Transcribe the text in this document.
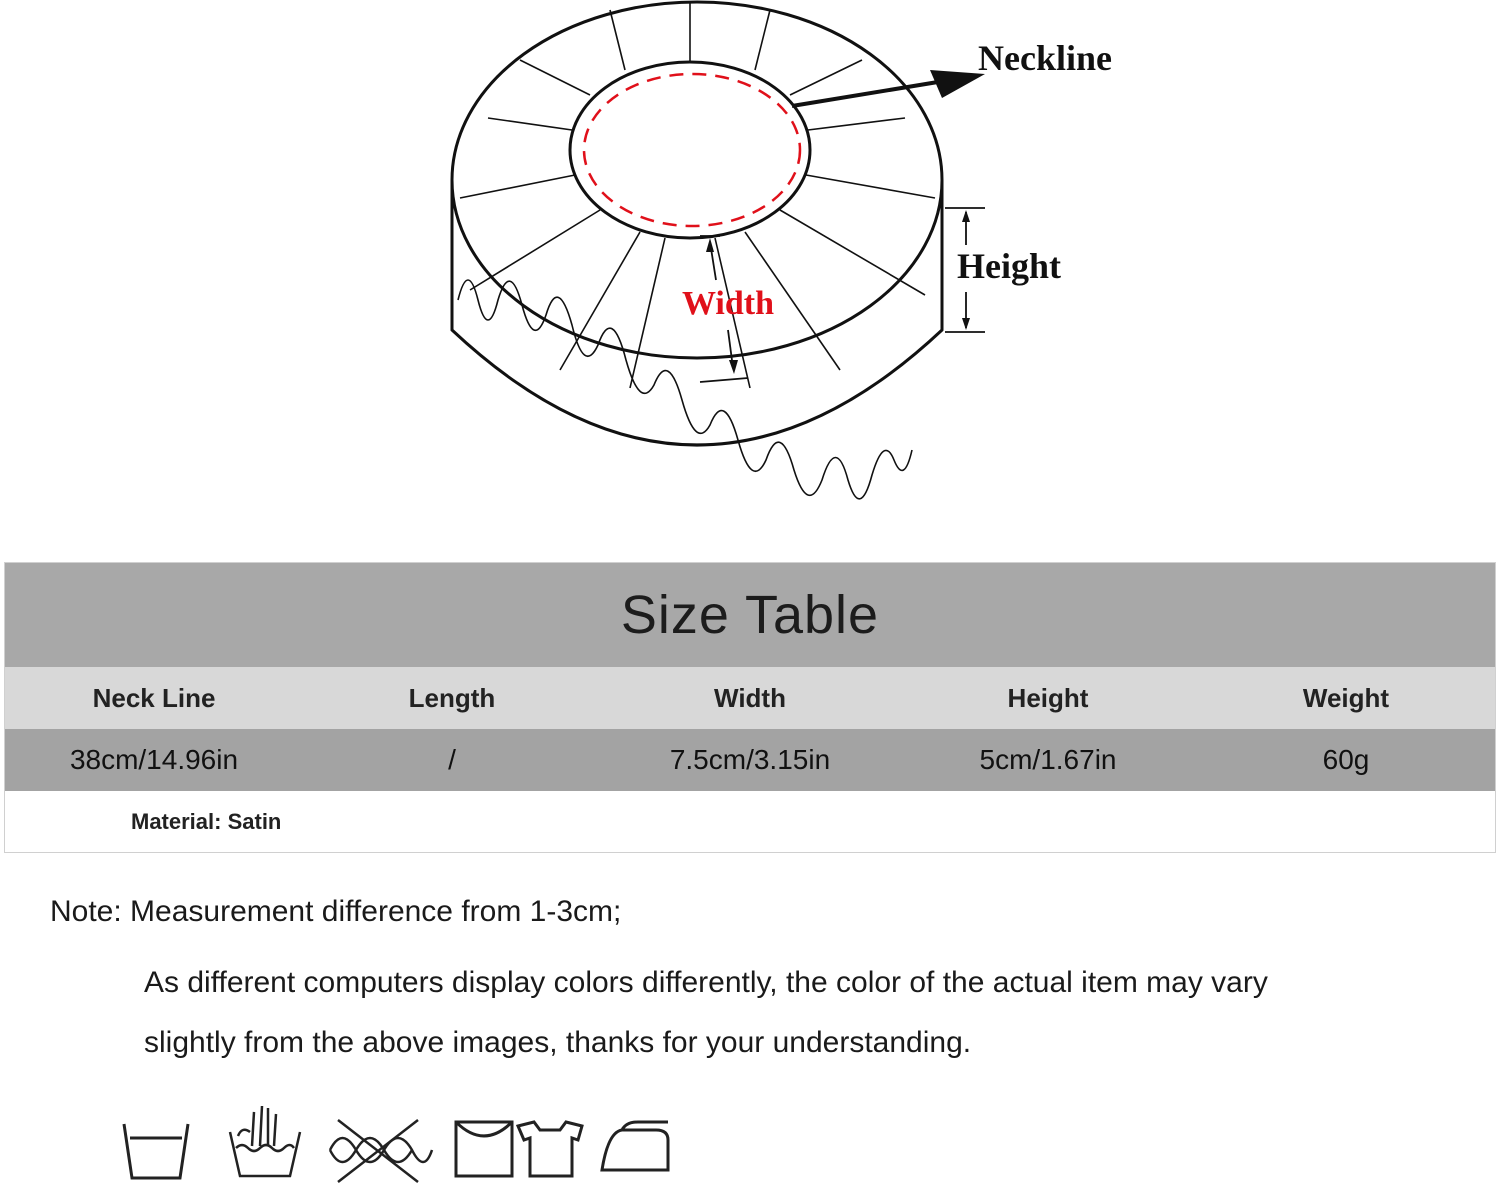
Neckline
Height
Width
Size Table
Neck Line	Length	Width	Height	Weight
38cm/14.96in	/	7.5cm/3.15in	5cm/1.67in	60g
Material: Satin

Note: Measurement difference from 1-3cm;

As different computers display colors differently, the color of the actual item may vary slightly from the above images, thanks for your understanding.
